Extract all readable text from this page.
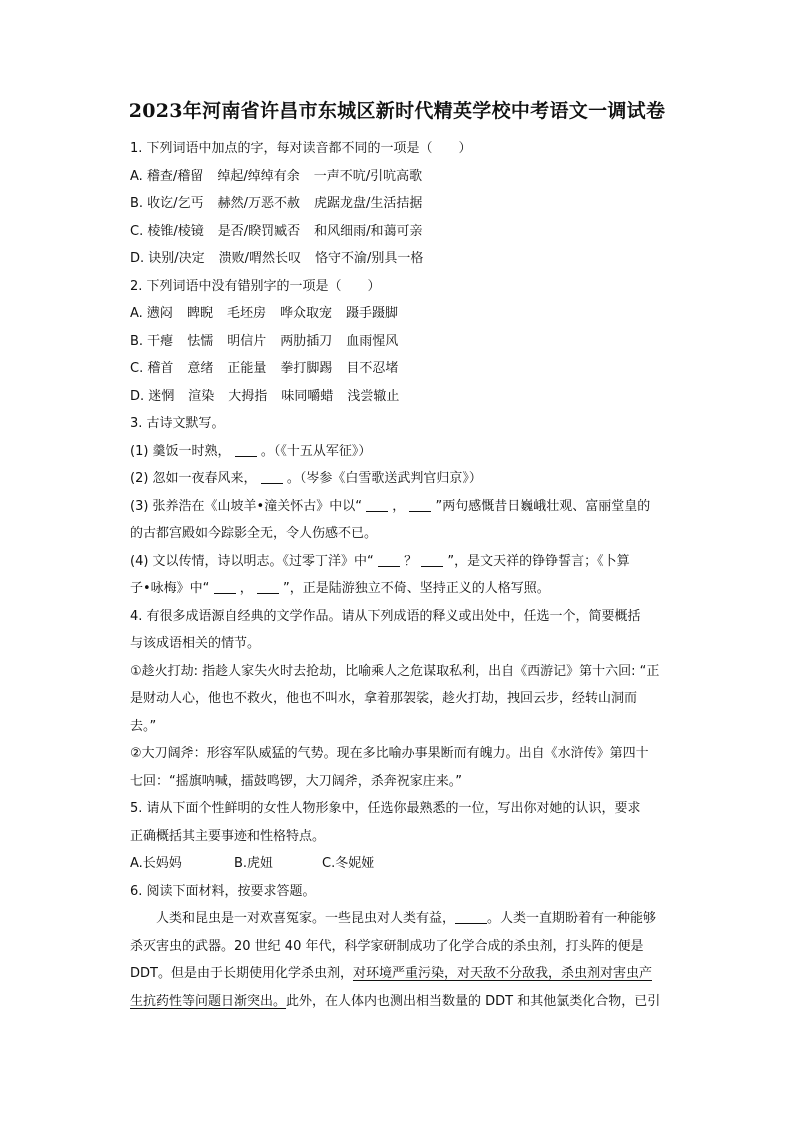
2023年河南省许昌市东城区新时代精英学校中考语文一调试卷
1. 下列词语中加点的字，每对读音都不同的一项是（　　）
A. 稽查/稽留 绰起/绰绰有余 一声不吭/引吭高歌
B. 收讫/乞丐 赫然/万恶不赦 虎踞龙盘/生活拮据
C. 棱锥/棱镜 是否/睽罚臧否 和风细雨/和蔼可亲
D. 诀别/决定 溃败/喟然长叹 恪守不渝/别具一格
2. 下列词语中没有错别字的一项是（　　）
A. 懑闷 睥睨 毛坯房 哗众取宠 蹑手蹑脚
B. 干瘪 怯懦 明信片 两肋插刀 血雨惺风
C. 稽首 意绪 正能量 拳打脚踢 目不忍堵
D. 迷惘 渲染 大拇指 味同嚼蜡 浅尝辙止
3. 古诗文默写。
(1) 羹饭一时熟， 。（《十五从军征》）
(2) 忽如一夜春风来， 。（岑参《白雪歌送武判官归京》）
(3) 张养浩在《山坡羊•潼关怀古》中以“ ， ”两句感慨昔日巍峨壮观、富丽堂皇的
的古都宫殿如今踪影全无，令人伤感不已。
(4) 文以传情，诗以明志。《过零丁洋》中“ ？ ”，是文天祥的铮铮誓言；《卜算
子•咏梅》中“ ， ”，正是陆游独立不倚、坚持正义的人格写照。
4. 有很多成语源自经典的文学作品。请从下列成语的释义或出处中，任选一个，简要概括
与该成语相关的情节。
①趁火打劫: 指趁人家失火时去抢劫，比喻乘人之危谋取私利，出自《西游记》第十六回: “正
是财动人心，他也不救火，他也不叫水，拿着那袈裟，趁火打劫，拽回云步，经转山洞而
去。”
②大刀阔斧：形容军队威猛的气势。现在多比喻办事果断而有魄力。出自《水浒传》第四十
七回：“摇旗呐喊，擂鼓鸣锣，大刀阔斧，杀奔祝家庄来。”
5. 请从下面个性鲜明的女性人物形象中，任选你最熟悉的一位，写出你对她的认识，要求
正确概括其主要事迹和性格特点。
A.长妈妈	B.虎妞	C.冬妮娅
6. 阅读下面材料，按要求答题。
人类和昆虫是一对欢喜冤家。一些昆虫对人类有益， 。人类一直期盼着有一种能够
杀灭害虫的武器。20 世纪 40 年代，科学家研制成功了化学合成的杀虫剂，打头阵的便是
DDT。但是由于长期使用化学杀虫剂，对环境严重污染，对天敌不分敌我，杀虫剂对害虫产
生抗药性等问题日渐突出。此外，在人体内也测出相当数量的 DDT 和其他氯类化合物，已引
